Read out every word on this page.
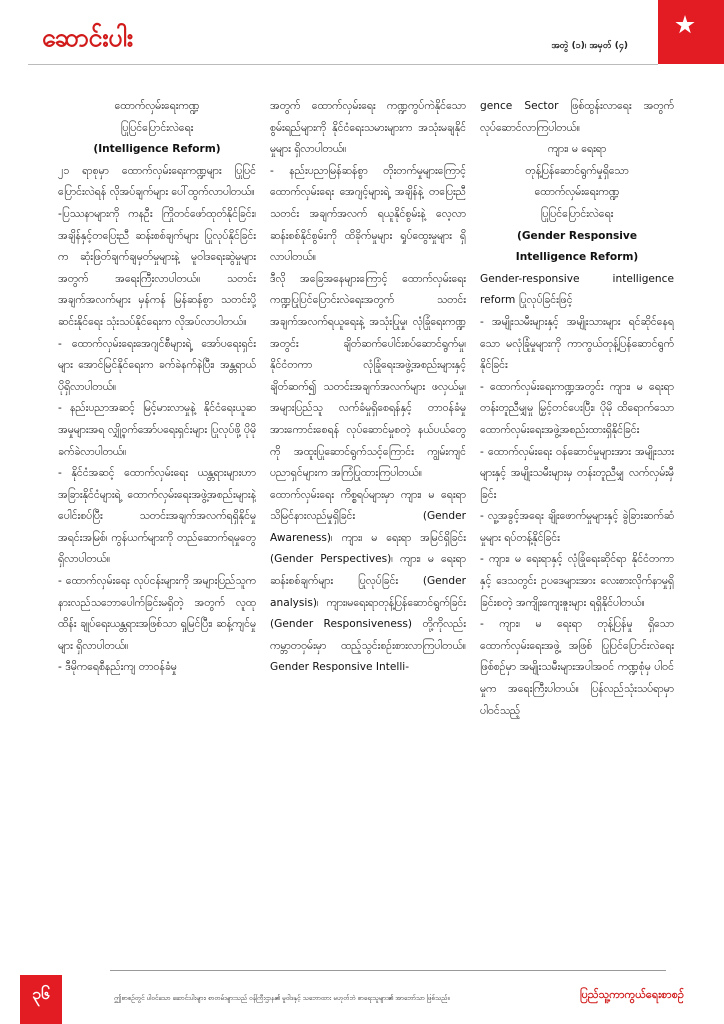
ဆောင်းပါး	အတွဲ (၁)၊ အမှတ် (၄)

ထောက်လှမ်းရေးကဏ္ဍ

ပြုပြင်ပြောင်းလဲရေး

(Intelligence Reform)

၂၁ ရာစုမှာ ထောက်လှမ်းရေးကဏ္ဍများ ပြုပြင်ပြောင်းလဲရန် လိုအပ်ချက်များ ပေါ်ထွက်လာပါတယ်။

-ပြဿနာများကို ကနဦး ကြိုတင်ဖော်ထုတ်နိုင်ခြင်း၊ အချိန်နှင့်တပြေးညီ ဆန်းစစ်ချက်များ ပြုလုပ်နိုင်ခြင်းက ဆုံးဖြတ်ချက်ချမှတ်မှုများနဲ့ မူဝါဒရေးဆွဲမှုများအတွက် အရေးကြီးလာပါတယ်။ သတင်းအချက်အလက်များ မှန်ကန် မြန်ဆန်စွာ သတင်းပို့ဆင်းနိုင်ရေး သုံးသပ်နိုင်ရေးက လိုအပ်လာပါတယ်။

- ထောက်လှမ်းရေးအေဂျင်စီများရဲ့ အော်ပရေးရှင်းများ အောင်မြင်နိုင်ရေးက ခက်ခဲနက်နဲပြီး၊ အန္တရာယ် ပိုရှိလာပါတယ်။

- နည်းပညာအဆင့် မြင့်မားလာမှုနဲ့ နိုင်ငံရေးယူဆအမှုများအရ လျှို့ဝှက်အော်ပရေးရှင်းများ ပြုလုပ်ဖို့ ပိုမိုခက်ခဲလာပါတယ်။

- နိုင်ငံအဆင့် ထောက်လှမ်းရေး ယန္တရားများဟာ အခြားနိုင်ငံများရဲ့ ထောက်လှမ်းရေးအဖွဲ့အစည်းများနဲ့ ပေါင်းစပ်ပြီး သတင်းအချက်အလက်ရရှိနိုင်မှု အရင်းအမြစ်၊ ကွန်ယက်များကို တည်ဆောက်ရမှုတွေ ရှိလာပါတယ်။

- ထောက်လှမ်းရေး လုပ်ငန်းများကို အများပြည်သူက နားလည်သဘောပေါက်ခြင်းမရှိတဲ့ အတွက် လူထုထိန်း ချုပ်ရေးယန္တရားအဖြစ်သာ ရှုမြင်ပြီး၊ ဆန့်ကျင်မှုများ ရှိလာပါတယ်။

- ဒီမိုကရေစီနည်းကျ တာဝန်ခံမှု

အတွက် ထောက်လှမ်းရေး ကဏ္ဍကွပ်ကဲနိုင်သော စွမ်းရည်များကို နိုင်ငံရေးသမားများက အသုံးမချနိုင်မှုများ ရှိလာပါတယ်။

- နည်းပညာမြန်ဆန်စွာ တိုးတက်မှုများကြောင့် ထောက်လှမ်းရေး အေဂျင့်များရဲ့ အချိန်နဲ့ တပြေးညီ သတင်း အချက်အလက် ရယူနိုင်စွမ်းနဲ့ လေ့လာဆန်းစစ်နိုင်စွမ်းကို ထိခိုက်မှုများ ရှုပ်ထွေးမှုများ ရှိလာပါတယ်။

ဒီလို အခြေအနေများကြောင့် ထောက်လှမ်းရေး ကဏ္ဍပြုပြင်ပြောင်းလဲရေးအတွက် သတင်းအချက်အလက်ရယူရေးနဲ့ အသုံးပြုမှု၊ လုံခြုံရေးကဏ္ဍအတွင်း ချိတ်ဆက်ပေါင်းစပ်ဆောင်ရွက်မှု၊ နိုင်ငံတကာ လုံခြုံရေးအဖွဲ့အစည်းများနှင့် ချိတ်ဆက်၍ သတင်းအချက်အလက်များ ဖလှယ်မှု၊ အများပြည်သူ လက်ခံမှုရှိစေရန်နှင့် တာဝန်ခံမှု အားကောင်းစေရန် လုပ်ဆောင်မှုစတဲ့ နယ်ပယ်တွေကို အထူးပြုဆောင်ရွက်သင့်ကြောင်း ကျွမ်းကျင်ပညာရှင်များက အကြံပြုထားကြပါတယ်။

ထောက်လှမ်းရေး ကိစ္စရပ်များမှာ ကျား၊ မ ရေးရာ သိမြင်နားလည်မှုရှိခြင်း (Gender Awareness)၊ ကျား၊ မ ရေးရာ အမြင်ရှိခြင်း (Gender Perspectives)၊ ကျား၊ မ ရေးရာ ဆန်းစစ်ချက်များ ပြုလုပ်ခြင်း (Gender analysis)၊ ကျား၊မရေးရာတုန့်ပြန်ဆောင်ရွက်ခြင်း (Gender Responsiveness) တို့ကိုလည်း ကမ္ဘာတဝှမ်းမှာ ထည့်သွင်းစဉ်းစားလာကြပါတယ်။ Gender Responsive Intelli-

gence Sector ဖြစ်ထွန်းလာရေး အတွက်လုပ်ဆောင်လာကြပါတယ်။

ကျား၊ မ ရေးရာ

တုန့်ပြန်ဆောင်ရွက်မှုရှိသော

ထောက်လှမ်းရေးကဏ္ဍ

ပြုပြင်ပြောင်းလဲရေး

(Gender Responsive

Intelligence Reform)

Gender-responsive intelligence reform ပြုလုပ်ခြင်းဖြင့်

- အမျိုးသမီးများနှင့် အမျိုးသားများ ရင်ဆိုင်နေရသော မလုံခြုံမှုများကို ကာကွယ်တုန့်ပြန်ဆောင်ရွက်နိုင်ခြင်း

- ထောက်လှမ်းရေးကဏ္ဍအတွင်း ကျား၊ မ ရေးရာ တန်းတူညီမျှမှု မြှင့်တင်ပေးပြီး၊ ပိုမို ထိရောက်သော ထောက်လှမ်းရေးအဖွဲ့အစည်းထားရှိနိုင်ခြင်း

- ထောက်လှမ်းရေး ဝန်ဆောင်မှုများအား အမျိုးသားများနှင့် အမျိုးသမီးများမှ တန်းတူညီမျှ လက်လှမ်းမှီခြင်း

- လူ့အခွင့်အရေး ချိုးဖောက်မှုများနှင့် ခွဲခြားဆက်ဆံမှုများ ရပ်တန့်နိုင်ခြင်း

- ကျား၊ မ ရေးရာနှင့် လုံခြုံရေးဆိုင်ရာ နိုင်ငံတကာနှင့် ဒေသတွင်း ဥပဒေများအား လေးစားလိုက်နာမှုရှိခြင်းစတဲ့ အကျိုးကျေးဇူးများ ရရှိနိုင်ပါတယ်။

- ကျား၊ မ ရေးရာ တုန့်ပြန်မှု ရှိသော ထောက်လှမ်းရေးအဖွဲ့ အဖြစ် ပြုပြင်ပြောင်းလဲရေးဖြစ်စဉ်မှာ အမျိုးသမီးများအပါအဝင် ကဏ္ဍစုံမှ ပါဝင်မှုက အရေးကြီးပါတယ်။ ပြန်လည်သုံးသပ်ရာမှာ ပါဝင်သည့်

၃၆	ဤစာစဉ်တွင် ပါဝင်သော ဆောင်းပါးများ၊ စာတမ်းများသည် ဝန်ကြီးဌာန၏ မူဝါဒနှင့် သဘောထား မဟုတ်ဘဲ စာရေးသူများ၏ အာဘော်သာ ဖြစ်သည်။	ပြည်သူ့ကာကွယ်ရေးစာစဉ်
